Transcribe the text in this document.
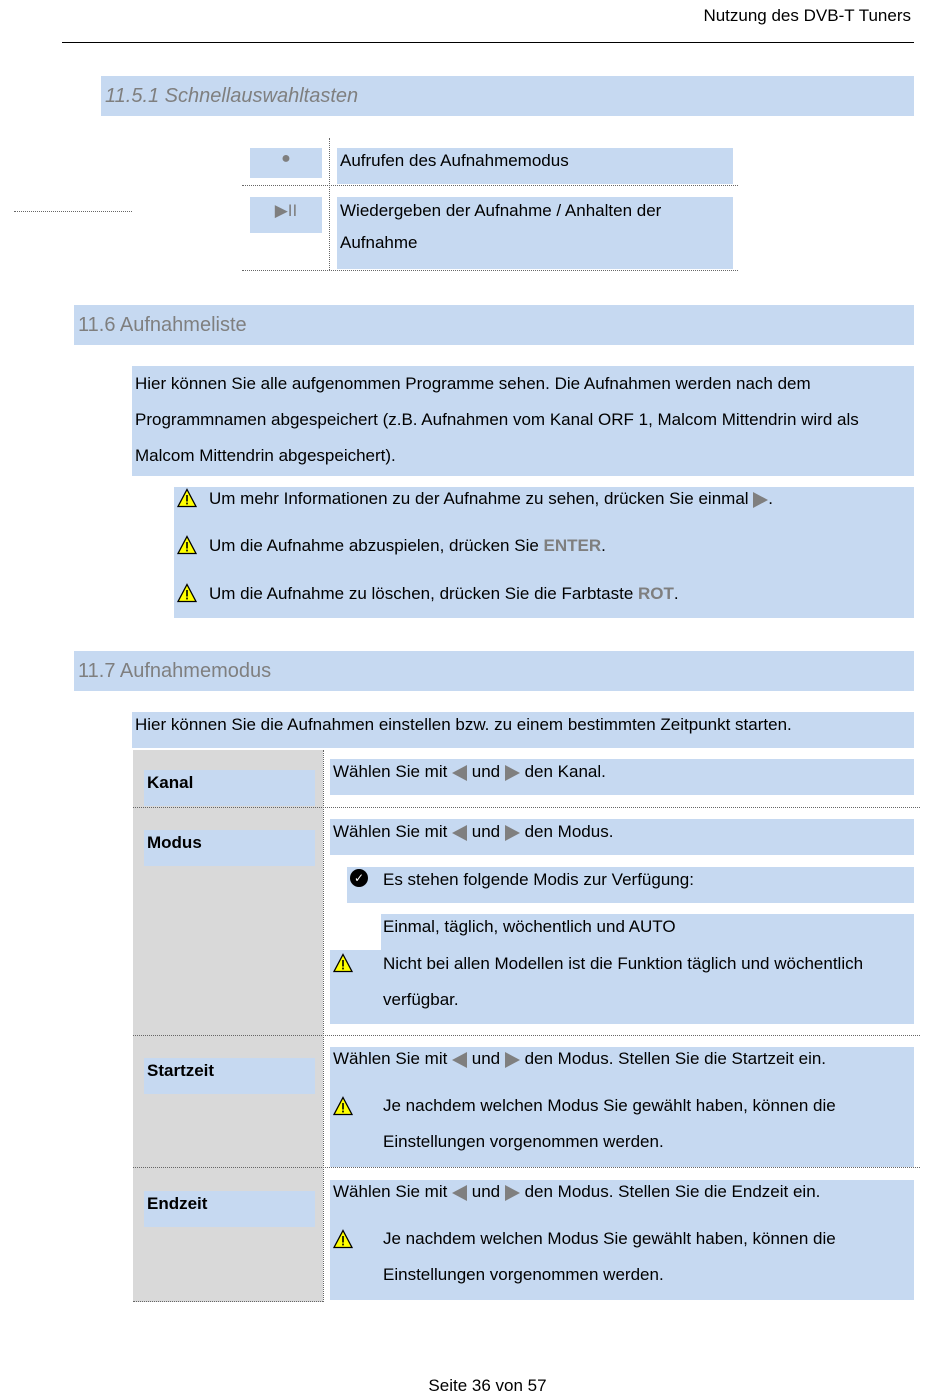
Nutzung des DVB-T Tuners
11.5.1 Schnellauswahltasten
●	Aufrufen des Aufnahmemodus
▶II	Wiedergeben der Aufnahme / Anhalten der
Aufnahme
11.6 Aufnahmeliste
Hier können Sie alle aufgenommen Programme sehen. Die Aufnahmen werden nach dem
Programmnamen abgespeichert (z.B. Aufnahmen vom Kanal ORF 1, Malcom Mittendrin wird als
Malcom Mittendrin abgespeichert).
Um mehr Informationen zu der Aufnahme zu sehen, drücken Sie einmal .
Um die Aufnahme abzuspielen, drücken Sie ENTER.
Um die Aufnahme zu löschen, drücken Sie die Farbtaste ROT.
11.7 Aufnahmemodus
Hier können Sie die Aufnahmen einstellen bzw. zu einem bestimmten Zeitpunkt starten.
Kanal
Wählen Sie mit  und  den Kanal.
Modus
Wählen Sie mit  und  den Modus.
✓ Es stehen folgende Modis zur Verfügung:
Einmal, täglich, wöchentlich und AUTO
Nicht bei allen Modellen ist die Funktion täglich und wöchentlich
verfügbar.
Startzeit
Wählen Sie mit  und  den Modus. Stellen Sie die Startzeit ein.
Je nachdem welchen Modus Sie gewählt haben, können die
Einstellungen vorgenommen werden.
Endzeit
Wählen Sie mit  und  den Modus. Stellen Sie die Endzeit ein.
Je nachdem welchen Modus Sie gewählt haben, können die
Einstellungen vorgenommen werden.
Seite 36 von 57
